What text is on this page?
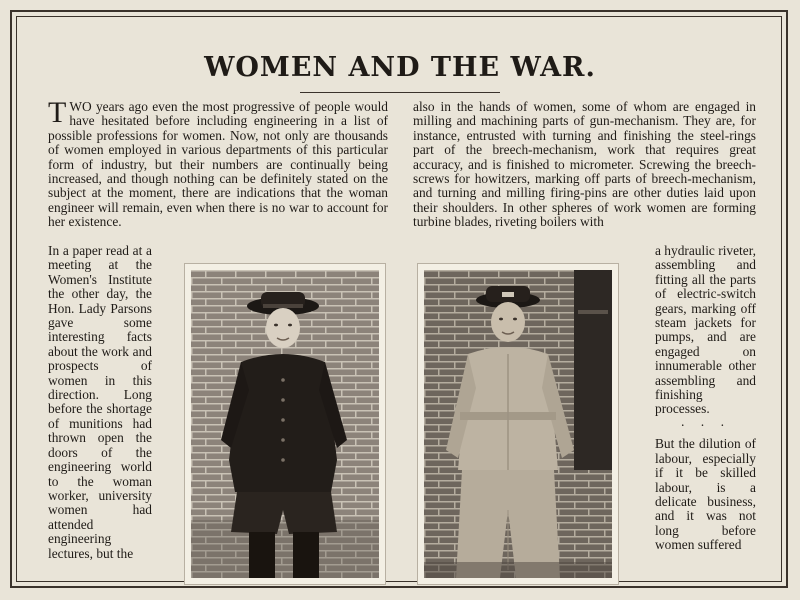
WOMEN AND THE WAR.

TWO years ago even the most progressive of people would have hesitated before including engineering in a list of possible professions for women. Now, not only are thousands of women employed in various departments of this particular form of industry, but their numbers are continually being increased, and though nothing can be definitely stated on the subject at the moment, there are indications that the woman engineer will remain, even when there is no war to account for her existence.

In a paper read at a meeting at the Women's Institute the other day, the Hon. Lady Parsons gave some interesting facts about the work and prospects of women in this direction. Long before the shortage of munitions had thrown open the doors of the engineering world to the woman worker, university women had attended engineering lectures, but the

also in the hands of women, some of whom are engaged in milling and machining parts of gun-mechanism. They are, for instance, entrusted with turning and finishing the steel-rings part of the breech-mechanism, work that requires great accuracy, and is finished to micrometer. Screwing the breech-screws for howitzers, marking off parts of breech-mechanism, and turning and milling firing-pins are other duties laid upon their shoulders. In other spheres of work women are forming turbine blades, riveting boilers with

a hydraulic riveter, assembling and fitting all the parts of electric-switch gears, marking off steam jackets for pumps, and are engaged on innumerable other assembling and finishing processes.

· · ·

But the dilution of labour, especially if it be skilled labour, is a delicate business, and it was not long before women suffered
